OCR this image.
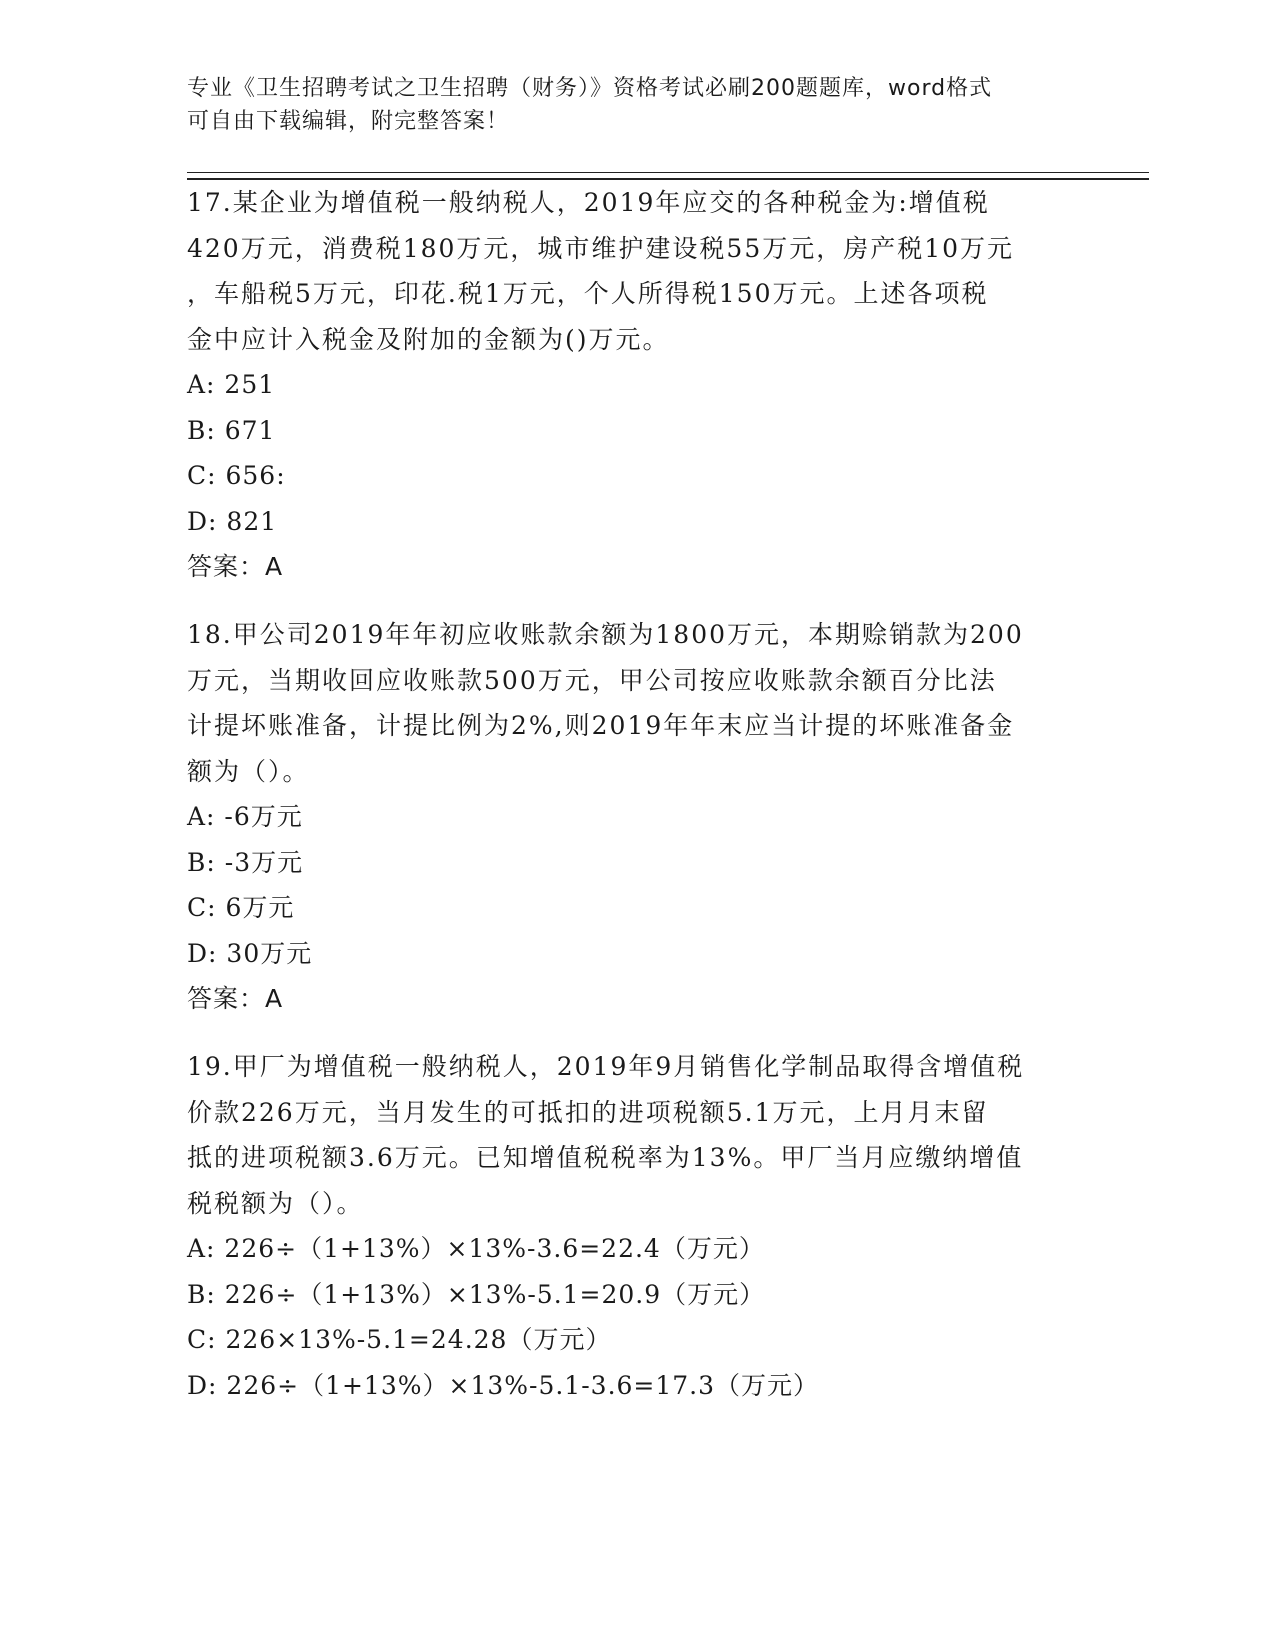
专业《卫生招聘考试之卫生招聘（财务）》资格考试必刷200题题库，word格式
可自由下载编辑，附完整答案！

17.某企业为增值税一般纳税人，2019年应交的各种税金为:增值税

420万元，消费税180万元，城市维护建设税55万元，房产税10万元

，车船税5万元，印花.税1万元，个人所得税150万元。上述各项税

金中应计入税金及附加的金额为()万元。

A: 251

B: 671

C: 656:

D: 821

答案：A

18.甲公司2019年年初应收账款余额为1800万元，本期赊销款为200

万元，当期收回应收账款500万元，甲公司按应收账款余额百分比法

计提坏账准备，计提比例为2%,则2019年年末应当计提的坏账准备金

额为（）。

A: -6万元

B: -3万元

C: 6万元

D: 30万元

答案：A

19.甲厂为增值税一般纳税人，2019年9月销售化学制品取得含增值税

价款226万元，当月发生的可抵扣的进项税额5.1万元，上月月末留

抵的进项税额3.6万元。已知增值税税率为13%。甲厂当月应缴纳增值

税税额为（）。

A: 226÷（1+13%）×13%-3.6=22.4（万元）

B: 226÷（1+13%）×13%-5.1=20.9（万元）

C: 226×13%-5.1=24.28（万元）

D: 226÷（1+13%）×13%-5.1-3.6=17.3（万元）
